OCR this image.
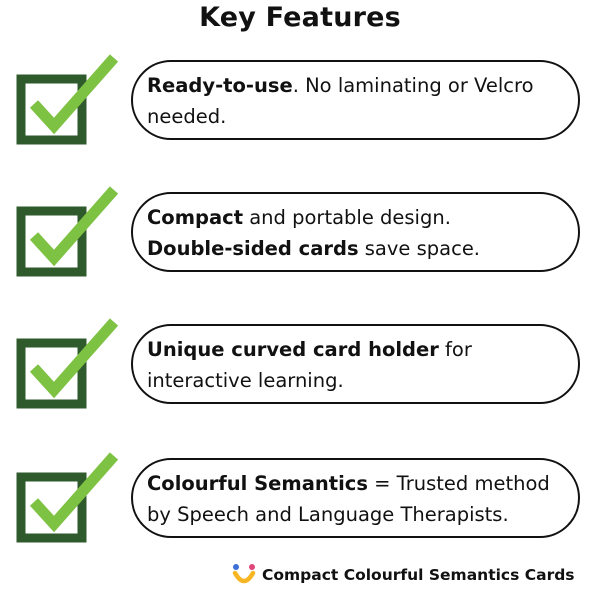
Key Features
Ready-to-use. No laminating or Velcro needed.
Compact and portable design.
Double-sided cards save space.
Unique curved card holder for interactive learning.
Colourful Semantics = Trusted method by Speech and Language Therapists.
Compact Colourful Semantics Cards
